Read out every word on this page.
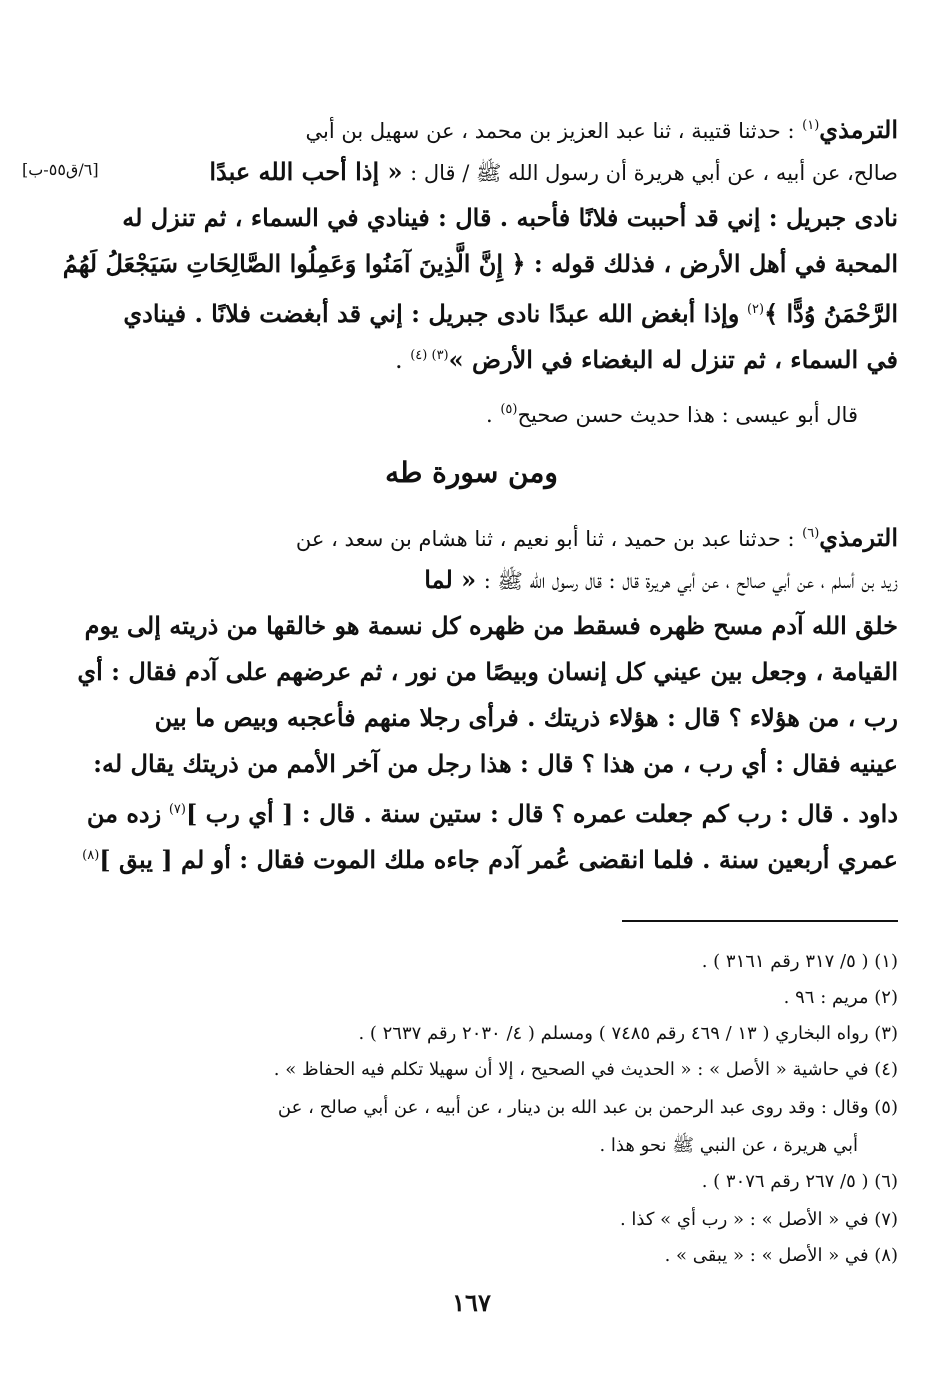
[٦/ق٥٥-ب]
الترمذي$^{(١)}$ : حدثنا قتيبة ، ثنا عبد العزيز بن محمد ، عن سهيل بن أبي
صالح، عن أبيه ، عن أبي هريرة أن رسول الله ﷺ / قال : « إذا أحب الله عبدًا
نادى جبريل : إني قد أحببت فلانًا فأحبه . قال : فينادي في السماء ، ثم تنزل له
المحبة في أهل الأرض ، فذلك قوله : ﴿ إِنَّ الَّذِينَ آمَنُوا وَعَمِلُوا الصَّالِحَاتِ سَيَجْعَلُ لَهُمُ
الرَّحْمَنُ وُدًّا ﴾$^{(٢)}$ وإذا أبغض الله عبدًا نادى جبريل : إني قد أبغضت فلانًا . فينادي
في السماء ، ثم تنزل له البغضاء في الأرض »$^{(٣) (٤)}$ .
قال أبو عيسى : هذا حديث حسن صحيح$^{(٥)}$ .
ومن سورة طه
الترمذي$^{(٦)}$ : حدثنا عبد بن حميد ، ثنا أبو نعيم ، ثنا هشام بن سعد ، عن
زيد بن أسلم ، عن أبي صالح ، عن أبي هريرة قال : قال رسول الله ﷺ : « لما
خلق الله آدم مسح ظهره فسقط من ظهره كل نسمة هو خالقها من ذريته إلى يوم
القيامة ، وجعل بين عيني كل إنسان وبيصًا من نور ، ثم عرضهم على آدم فقال : أي
رب ، من هؤلاء ؟ قال : هؤلاء ذريتك . فرأى رجلا منهم فأعجبه وبيص ما بين
عينيه فقال : أي رب ، من هذا ؟ قال : هذا رجل من آخر الأمم من ذريتك يقال له:
داود . قال : رب كم جعلت عمره ؟ قال : ستين سنة . قال : [ أي رب ]$^{(٧)}$ زده من
عمري أربعين سنة . فلما انقضى عُمر آدم جاءه ملك الموت فقال : أو لم [ يبق ]$^{(٨)}$
(١) ( ٥/ ٣١٧ رقم ٣١٦١ ) .
(٢) مريم : ٩٦ .
(٣) رواه البخاري ( ١٣ / ٤٦٩ رقم ٧٤٨٥ ) ومسلم ( ٤/ ٢٠٣٠ رقم ٢٦٣٧ ) .
(٤) في حاشية « الأصل » : « الحديث في الصحيح ، إلا أن سهيلا تكلم فيه الحفاظ » .
(٥) وقال : وقد روى عبد الرحمن بن عبد الله بن دينار ، عن أبيه ، عن أبي صالح ، عن
أبي هريرة ، عن النبي ﷺ نحو هذا .
(٦) ( ٥/ ٢٦٧ رقم ٣٠٧٦ ) .
(٧) في « الأصل » : « رب أي » كذا .
(٨) في « الأصل » : « يبقى » .
١٦٧
